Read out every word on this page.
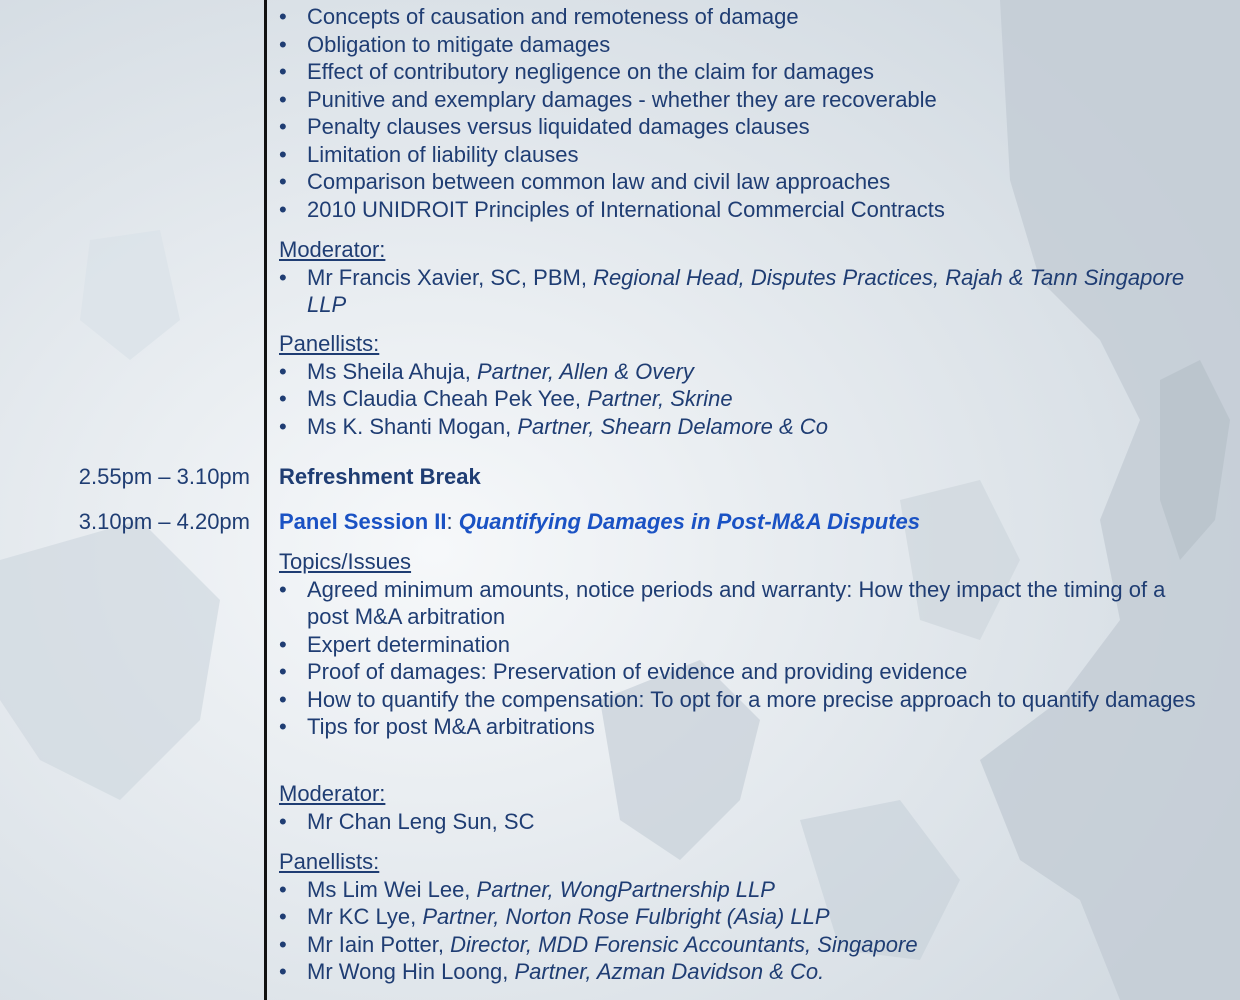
• Concepts of causation and remoteness of damage
• Obligation to mitigate damages
• Effect of contributory negligence on the claim for damages
• Punitive and exemplary damages - whether they are recoverable
• Penalty clauses versus liquidated damages clauses
• Limitation of liability clauses
• Comparison between common law and civil law approaches
• 2010 UNIDROIT Principles of International Commercial Contracts
Moderator:
• Mr Francis Xavier, SC, PBM, Regional Head, Disputes Practices, Rajah & Tann Singapore LLP
Panellists:
• Ms Sheila Ahuja, Partner, Allen & Overy
• Ms Claudia Cheah Pek Yee, Partner, Skrine
• Ms K. Shanti Mogan, Partner, Shearn Delamore & Co
2.55pm – 3.10pm Refreshment Break
3.10pm – 4.20pm Panel Session II: Quantifying Damages in Post-M&A Disputes
Topics/Issues
• Agreed minimum amounts, notice periods and warranty: How they impact the timing of a post M&A arbitration
• Expert determination
• Proof of damages: Preservation of evidence and providing evidence
• How to quantify the compensation: To opt for a more precise approach to quantify damages
• Tips for post M&A arbitrations
Moderator:
• Mr Chan Leng Sun, SC
Panellists:
• Ms Lim Wei Lee, Partner, WongPartnership LLP
• Mr KC Lye, Partner, Norton Rose Fulbright (Asia) LLP
• Mr Iain Potter, Director, MDD Forensic Accountants, Singapore
• Mr Wong Hin Loong, Partner, Azman Davidson & Co.
